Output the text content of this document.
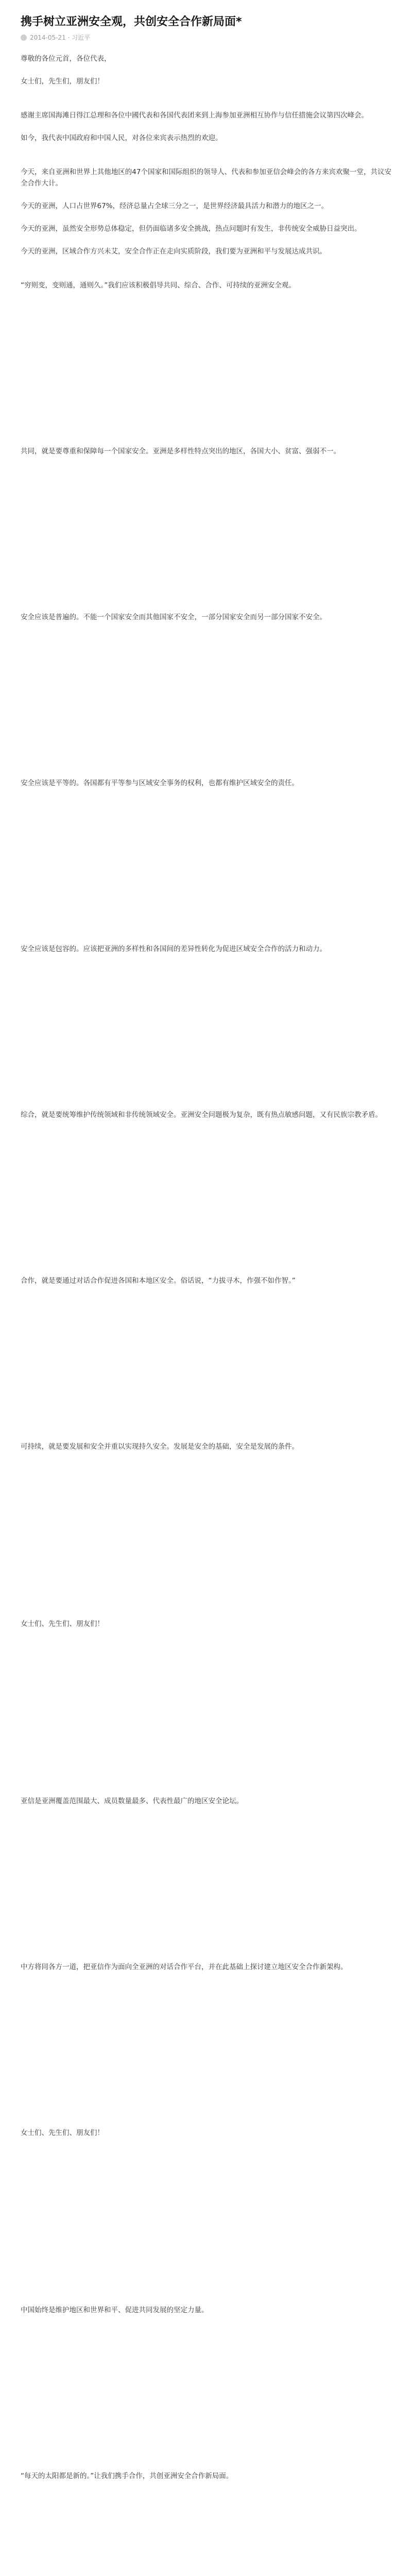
携手树立亚洲安全观，共创安全合作新局面*
2014-05-21 · 习近平

尊敬的各位元首，各位代表，

女士们，先生们，朋友们！

感谢主席国海滩日得江总理和各位中國代表和各国代表团来到上海参加亚洲相互协作与信任措施会议第四次峰会。

如今，我代表中国政府和中国人民，对各位来宾表示热烈的欢迎。

今天，来自亚洲和世界上其他地区的47个国家和国际组织的领导人、代表和参加亚信会峰会的各方来宾欢聚一堂，共议安全合作大计。

今天的亚洲，人口占世界67%，经济总量占全球三分之一，是世界经济最具活力和潜力的地区之一。

今天的亚洲，虽然安全形势总体稳定，但仍面临诸多安全挑战，热点问题时有发生，非传统安全威胁日益突出。

今天的亚洲，区域合作方兴未艾，安全合作正在走向实质阶段，我们要为亚洲和平与发展达成共识。

“穷则变，变则通，通则久。”我们应该积极倡导共同、综合、合作、可持续的亚洲安全观。

共同，就是要尊重和保障每一个国家安全。亚洲是多样性特点突出的地区，各国大小、贫富、强弱不一。

安全应该是普遍的。不能一个国家安全而其他国家不安全，一部分国家安全而另一部分国家不安全。

安全应该是平等的。各国都有平等参与区域安全事务的权利，也都有维护区域安全的责任。

安全应该是包容的。应该把亚洲的多样性和各国间的差异性转化为促进区域安全合作的活力和动力。

综合，就是要统筹维护传统领域和非传统领域安全。亚洲安全问题极为复杂，既有热点敏感问题，又有民族宗教矛盾。

合作，就是要通过对话合作促进各国和本地区安全。俗话说，“力拔寻木，作强不如作智。”

可持续，就是要发展和安全并重以实现持久安全。发展是安全的基础，安全是发展的条件。

女士们、先生们、朋友们！

亚信是亚洲覆盖范围最大、成员数量最多、代表性最广的地区安全论坛。

中方将同各方一道，把亚信作为面向全亚洲的对话合作平台，并在此基础上探讨建立地区安全合作新架构。

女士们、先生们、朋友们！

中国始终是维护地区和世界和平、促进共同发展的坚定力量。

“每天的太阳都是新的。”让我们携手合作，共创亚洲安全合作新局面。
